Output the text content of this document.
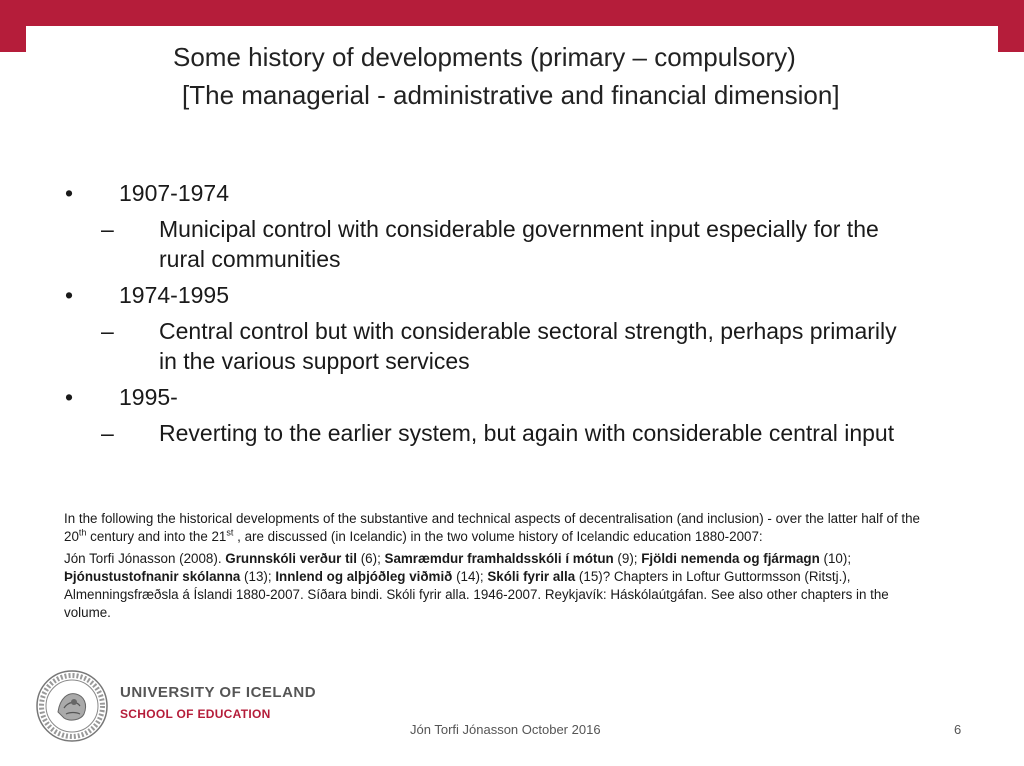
Some history of developments (primary – compulsory)
[The managerial - administrative and financial dimension]
• 1907-1974
– Municipal control with considerable government input especially for the rural communities
• 1974-1995
– Central control but with considerable sectoral strength, perhaps primarily in the various support services
• 1995-
– Reverting to the earlier system, but again with considerable central input

In the following the historical developments of the substantive and technical aspects of decentralisation (and inclusion) - over the latter half of the 20th century and into the 21st , are discussed (in Icelandic) in the two volume history of Icelandic education 1880-2007:

Jón Torfi Jónasson (2008). Grunnskóli verður til (6); Samræmdur framhaldsskóli í mótun (9); Fjöldi nemenda og fjármagn (10); Þjónustustofnanir skólanna (13); Innlend og alþjóðleg viðmið (14); Skóli fyrir alla (15)? Chapters in Loftur Guttormsson (Ritstj.), Almenningsfræðsla á Íslandi 1880-2007. Síðara bindi. Skóli fyrir alla. 1946-2007. Reykjavík: Háskólaútgáfan. See also other chapters in the volume.

UNIVERSITY OF ICELAND
SCHOOL OF EDUCATION
Jón Torfi Jónasson October 2016	6
